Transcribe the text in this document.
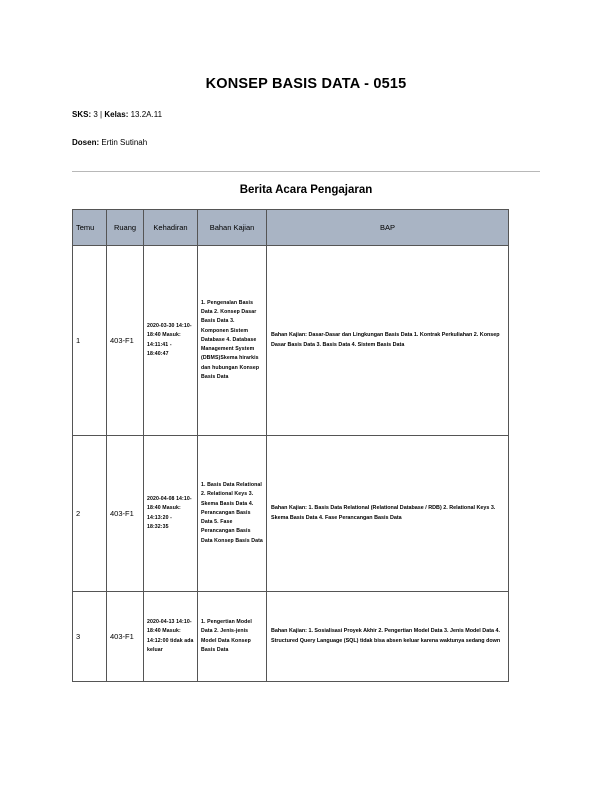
KONSEP BASIS DATA - 0515
SKS: 3 | Kelas: 13.2A.11
Dosen: Ertin Sutinah
Berita Acara Pengajaran
Temu	Ruang	Kehadiran	Bahan Kajian	BAP
1	403-F1	2020-03-30 14:10-18:40 Masuk: 14:11:41 - 18:40:47	1. Pengenalan Basis Data 2. Konsep Dasar Basis Data 3. Komponen Sistem Database 4. Database Management System (DBMS)Skema hirarkis dan hubungan Konsep Basis Data	Bahan Kajian: Dasar-Dasar dan Lingkungan Basis Data 1. Kontrak Perkuliahan 2. Konsep Dasar Basis Data 3. Basis Data 4. Sistem Basis Data
2	403-F1	2020-04-08 14:10-18:40 Masuk: 14:13:20 - 18:32:35	1. Basis Data Relational 2. Relational Keys 3. Skema Basis Data 4. Perancangan Basis Data 5. Fase Perancangan Basis Data Konsep Basis Data	Bahan Kajian: 1. Basis Data Relational (Relational Database / RDB) 2. Relational Keys 3. Skema Basis Data 4. Fase Perancangan Basis Data
3	403-F1	2020-04-13 14:10-18:40 Masuk: 14:12:00 tidak ada keluar	1. Pengertian Model Data 2. Jenis-jenis Model Data Konsep Basis Data	Bahan Kajian: 1. Sosialisasi Proyek Akhir 2. Pengertian Model Data 3. Jenis Model Data 4. Structured Query Language (SQL) tidak bisa absen keluar karena waktunya sedang down
